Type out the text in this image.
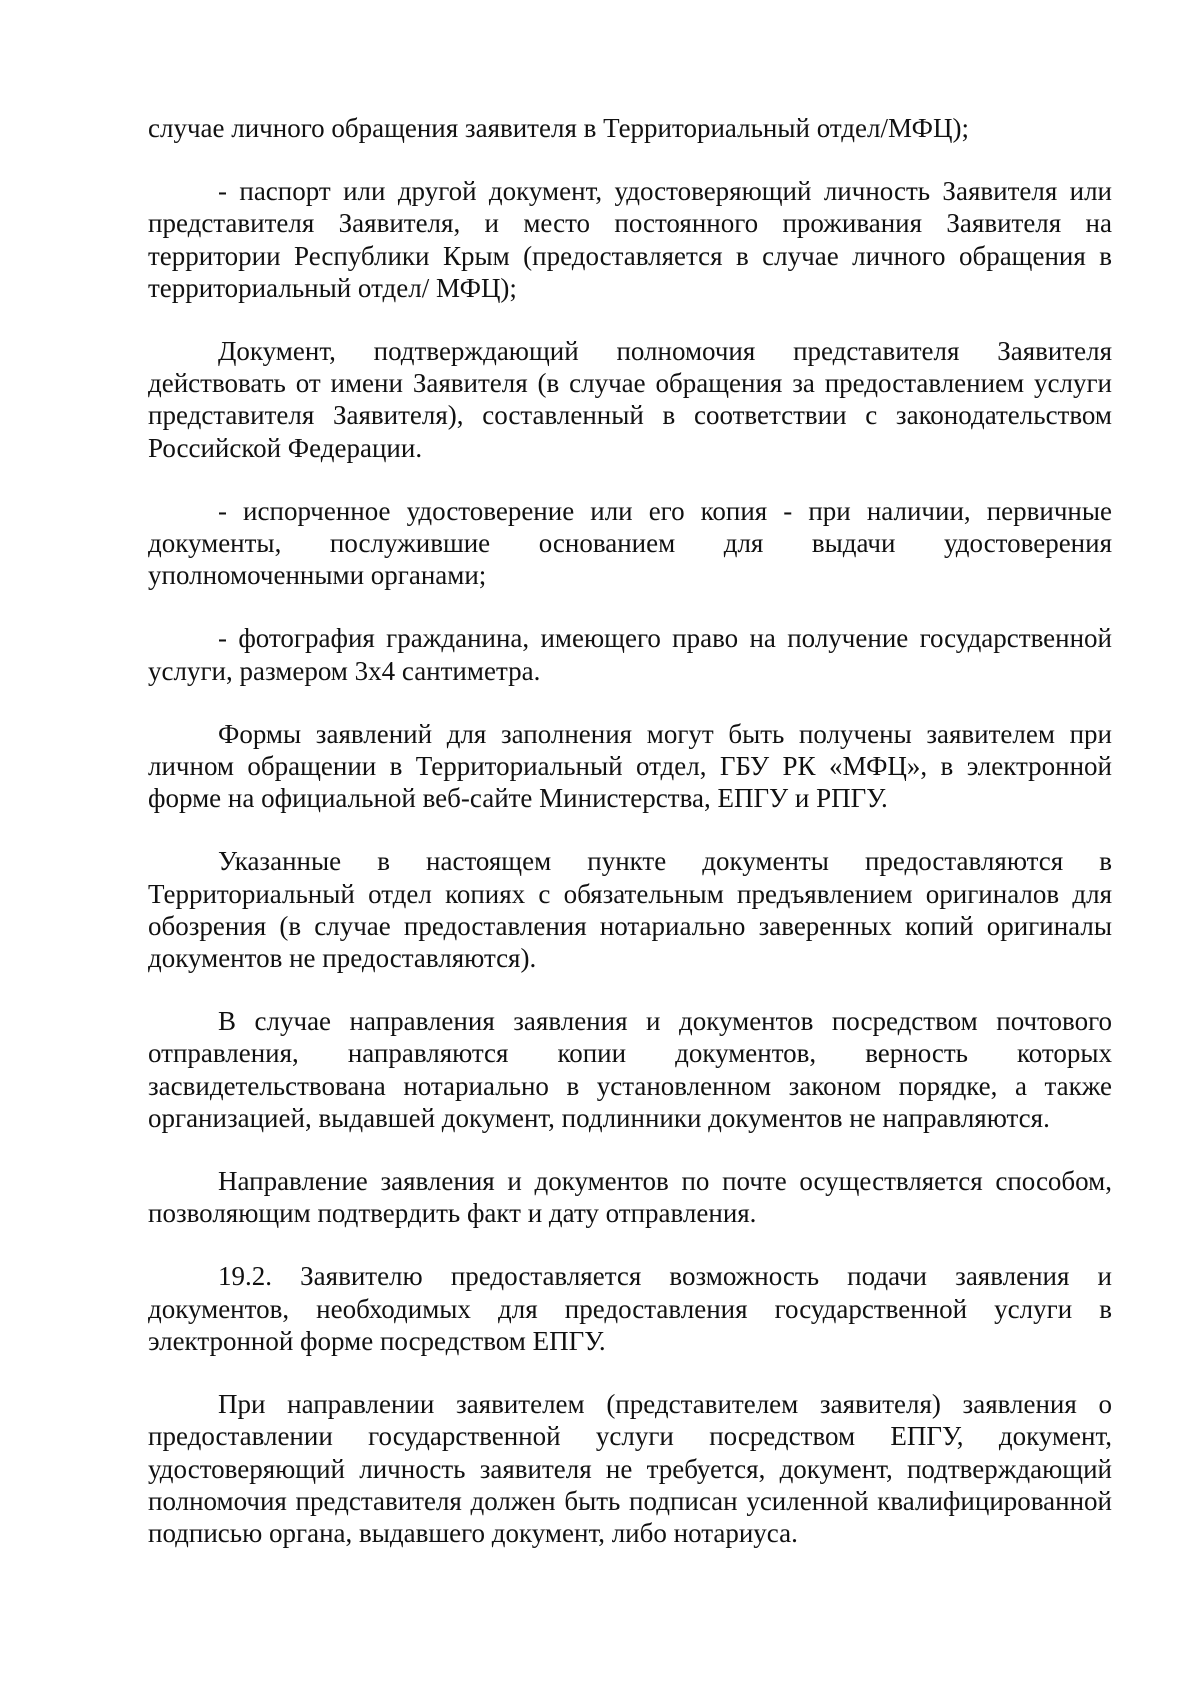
случае личного обращения заявителя в Территориальный отдел/МФЦ);

- паспорт или другой документ, удостоверяющий личность Заявителя или представителя Заявителя, и место постоянного проживания Заявителя на территории Республики Крым (предоставляется в случае личного обращения в территориальный отдел/ МФЦ);

Документ, подтверждающий полномочия представителя Заявителя действовать от имени Заявителя (в случае обращения за предоставлением услуги представителя Заявителя), составленный в соответствии с законодательством Российской Федерации.

- испорченное удостоверение или его копия - при наличии, первичные документы, послужившие основанием для выдачи удостоверения уполномоченными органами;

- фотография гражданина, имеющего право на получение государственной услуги, размером 3х4 сантиметра.

Формы заявлений для заполнения могут быть получены заявителем при личном обращении в Территориальный отдел, ГБУ РК «МФЦ», в электронной форме на официальной веб-сайте Министерства, ЕПГУ и РПГУ.

Указанные в настоящем пункте документы предоставляются в Территориальный отдел копиях с обязательным предъявлением оригиналов для обозрения (в случае предоставления нотариально заверенных копий оригиналы документов не предоставляются).

В случае направления заявления и документов посредством почтового отправления, направляются копии документов, верность которых засвидетельствована нотариально в установленном законом порядке, а также организацией, выдавшей документ, подлинники документов не направляются.

Направление заявления и документов по почте осуществляется способом, позволяющим подтвердить факт и дату отправления.

19.2. Заявителю предоставляется возможность подачи заявления и документов, необходимых для предоставления государственной услуги в электронной форме посредством ЕПГУ.

При направлении заявителем (представителем заявителя) заявления о предоставлении государственной услуги посредством ЕПГУ, документ, удостоверяющий личность заявителя не требуется, документ, подтверждающий полномочия представителя должен быть подписан усиленной квалифицированной подписью органа, выдавшего документ, либо нотариуса.
